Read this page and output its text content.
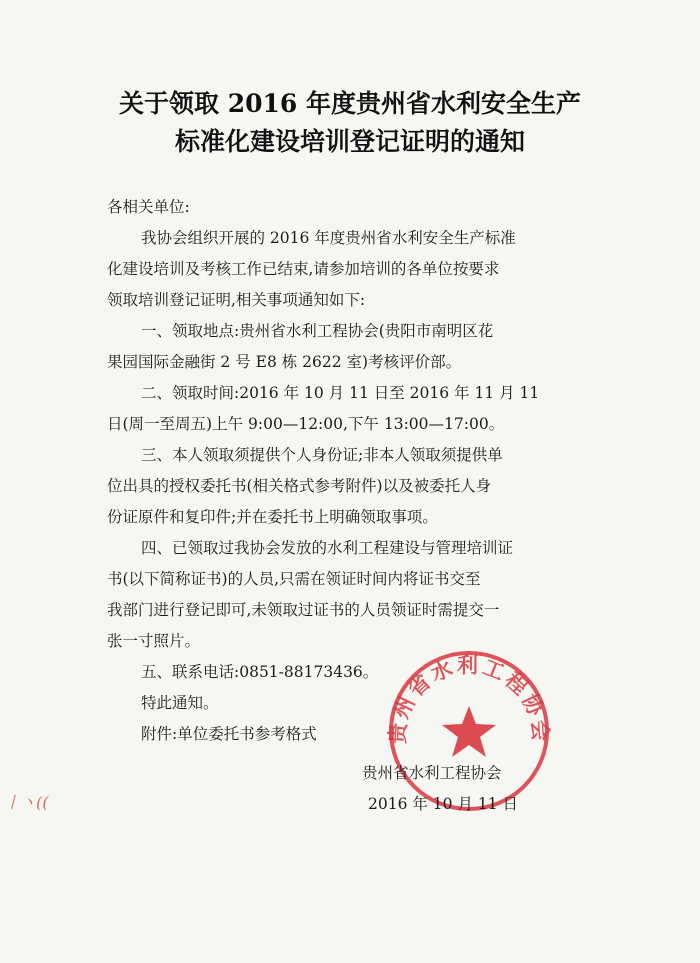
关于领取 2016 年度贵州省水利安全生产
标准化建设培训登记证明的通知
各相关单位:
我协会组织开展的 2016 年度贵州省水利安全生产标准
化建设培训及考核工作已结束,请参加培训的各单位按要求
领取培训登记证明,相关事项通知如下:
一、领取地点:贵州省水利工程协会(贵阳市南明区花
果园国际金融街 2 号 E8 栋 2622 室)考核评价部。
二、领取时间:2016 年 10 月 11 日至 2016 年 11 月 11
日(周一至周五)上午 9:00—12:00,下午 13:00—17:00。
三、本人领取须提供个人身份证;非本人领取须提供单
位出具的授权委托书(相关格式参考附件)以及被委托人身
份证原件和复印件;并在委托书上明确领取事项。
四、已领取过我协会发放的水利工程建设与管理培训证
书(以下简称证书)的人员,只需在领证时间内将证书交至
我部门进行登记即可,未领取过证书的人员领证时需提交一
张一寸照片。
五、联系电话:0851-88173436。
特此通知。
附件:单位委托书参考格式
丨丶((
贵州省水利工程协会
贵州省水利工程协会
2016 年 10 月 11 日
